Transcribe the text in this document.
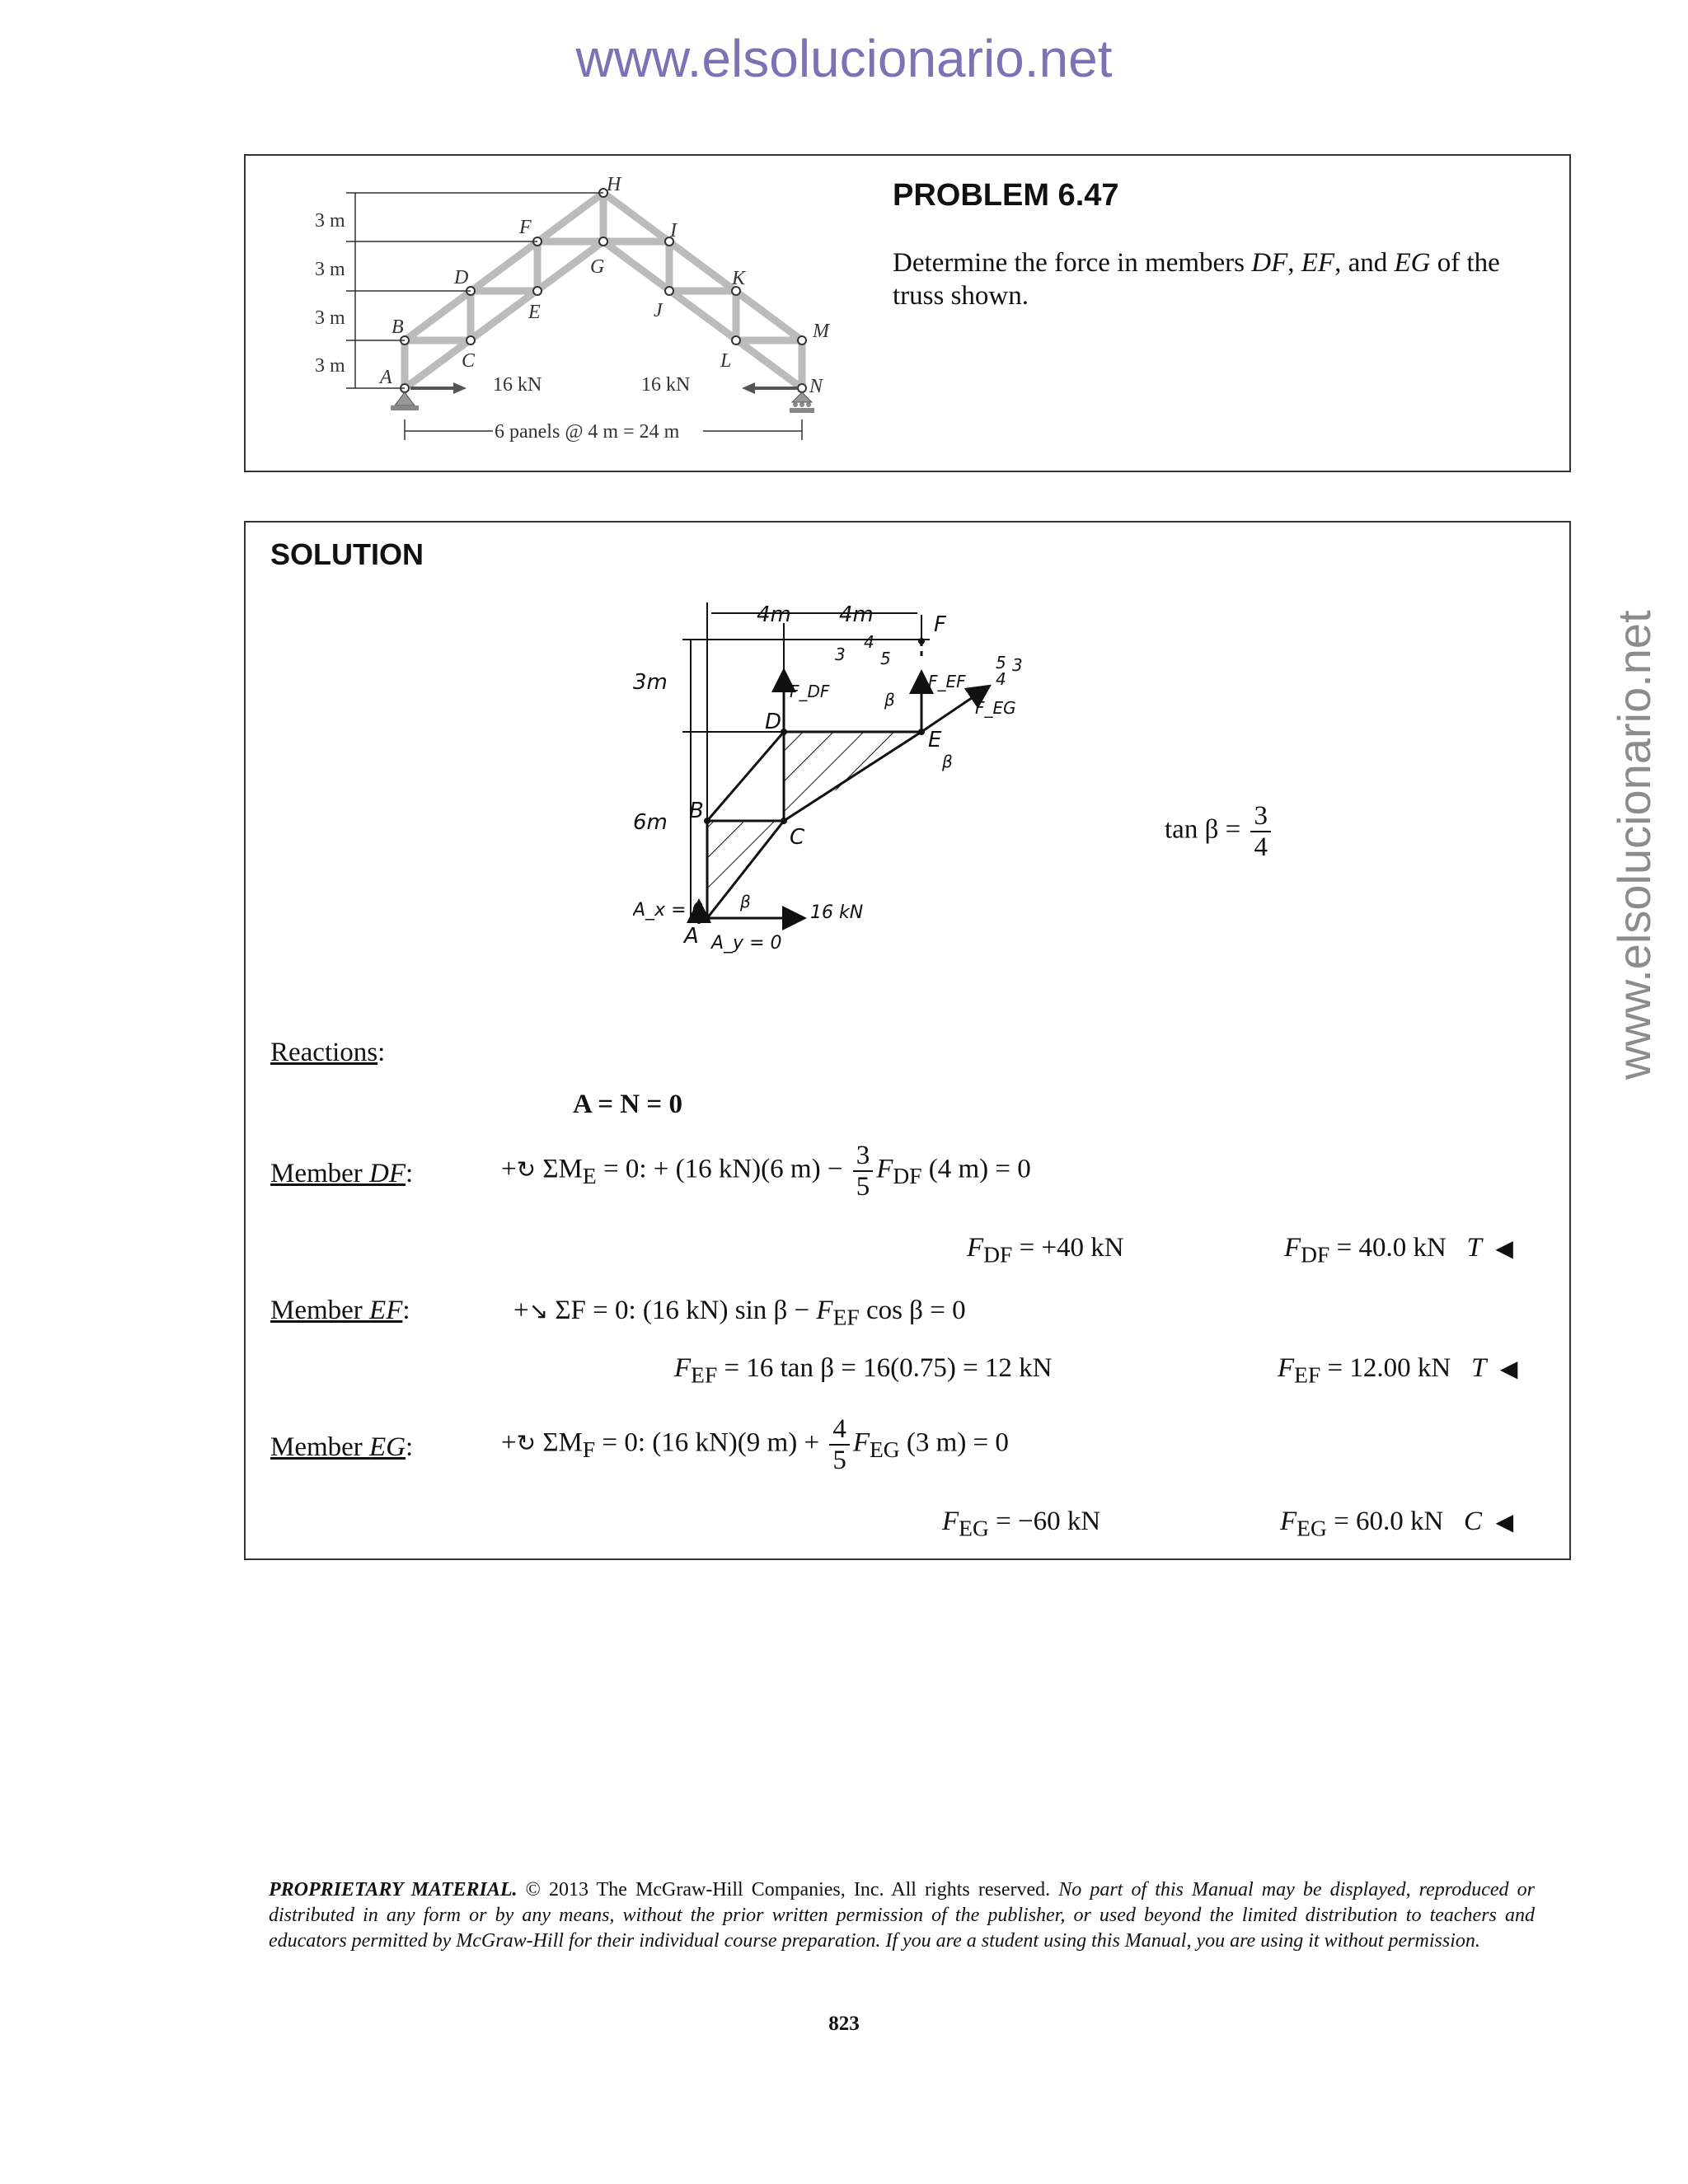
www.elsolucionario.net
www.elsolucionario.net
3 m
3 m
3 m
3 m
16 kN	16 kN
6 panels @ 4 m = 24 m
A
B
C
D
E
F
G
H
I
J
K
L
M
N
PROBLEM 6.47
Determine the force in members DF, EF, and EG of the truss shown.
SOLUTION
4m 4m
3m
6m
D
B
C
A
E
F
16 kN
A_x = 0
A_y = 0
F_DF	F_EF
F_EG
3
4
5	5 3
4
β
β
β
$\tan \beta = \frac{3}{4}$
Reactions:
A = N = 0
Member DF:	+↻ $\Sigma M_E = 0$: + (16 kN)(6 $m) - \frac{3}{5} F_{DF}$ (4 m) = 0
$F_{DF} = +40$ kN	$F_{DF} = 40.0$ kN T ◀
Member EF:	+↘ ΣF = 0: (16 kN) $\sin \beta - F_{EF}$ cos β = 0
$F_{EF} = 16$ tan β = 16(0.75) = 12 kN	$F_{EF} = 12.00$ kN T ◀
Member EG:	+↻ $\Sigma M_F = 0$: (16 kN)(9 $m) + \frac{4}{5} F_{EG}$ (3 m) = 0
$F_{EG} = -60$ kN	$F_{EG} = 60.0$ kN C ◀
PROPRIETARY MATERIAL. © 2013 The McGraw-Hill Companies, Inc. All rights reserved. No part of this Manual may be displayed, reproduced or distributed in any form or by any means, without the prior written permission of the publisher, or used beyond the limited distribution to teachers and educators permitted by McGraw-Hill for their individual course preparation. If you are a student using this Manual, you are using it without permission.
823
